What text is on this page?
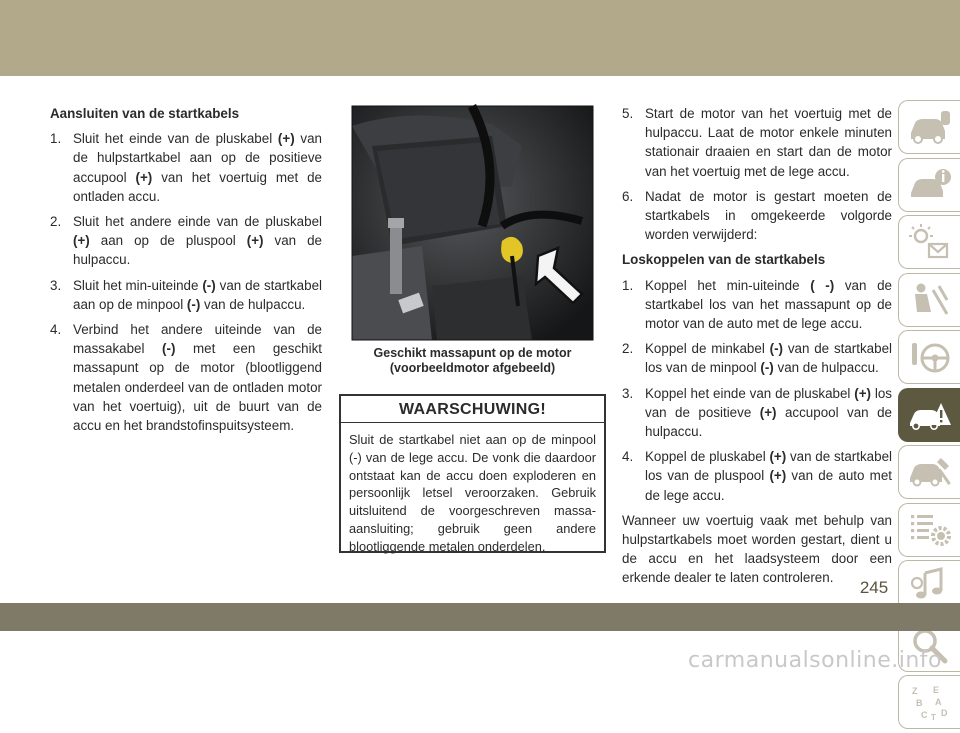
Aansluiten van de startkabels
1. Sluit het einde van de pluskabel (+) van de hulpstartkabel aan op de positieve accupool (+) van het voertuig met de ontladen accu.
2. Sluit het andere einde van de pluskabel (+) aan op de pluspool (+) van de hulpaccu.
3. Sluit het min-uiteinde (-) van de startkabel aan op de minpool (-) van de hulpaccu.
4. Verbind het andere uiteinde van de massakabel (-) met een geschikt massapunt op de motor (blootliggend metalen onderdeel van de ontladen motor van het voertuig), uit de buurt van de accu en het brandstofinspuitsysteem.
Geschikt massapunt op de motor
(voorbeeldmotor afgebeeld)
WAARSCHUWING!
Sluit de startkabel niet aan op de minpool (-) van de lege accu. De vonk die daardoor ontstaat kan de accu doen exploderen en persoonlijk letsel veroorzaken. Gebruik uitsluitend de voorgeschreven massa-aansluiting; gebruik geen andere blootliggende metalen onderdelen.
5. Start de motor van het voertuig met de hulpaccu. Laat de motor enkele minuten stationair draaien en start dan de motor van het voertuig met de lege accu.
6. Nadat de motor is gestart moeten de startkabels in omgekeerde volgorde worden verwijderd:
Loskoppelen van de startkabels
1. Koppel het min-uiteinde ( -) van de startkabel los van het massapunt op de motor van de auto met de lege accu.
2. Koppel de minkabel (-) van de startkabel los van de minpool (-) van de hulpaccu.
3. Koppel het einde van de pluskabel (+) los van de positieve (+) accupool van de hulpaccu.
4. Koppel de pluskabel (+) van de startkabel los van de pluspool (+) van de auto met de lege accu.
Wanneer uw voertuig vaak met behulp van hulpstartkabels moet worden gestart, dient u de accu en het laadsysteem door een erkende dealer te laten controleren.
Z E
B A
C D
T
245
carmanualsonline.info
